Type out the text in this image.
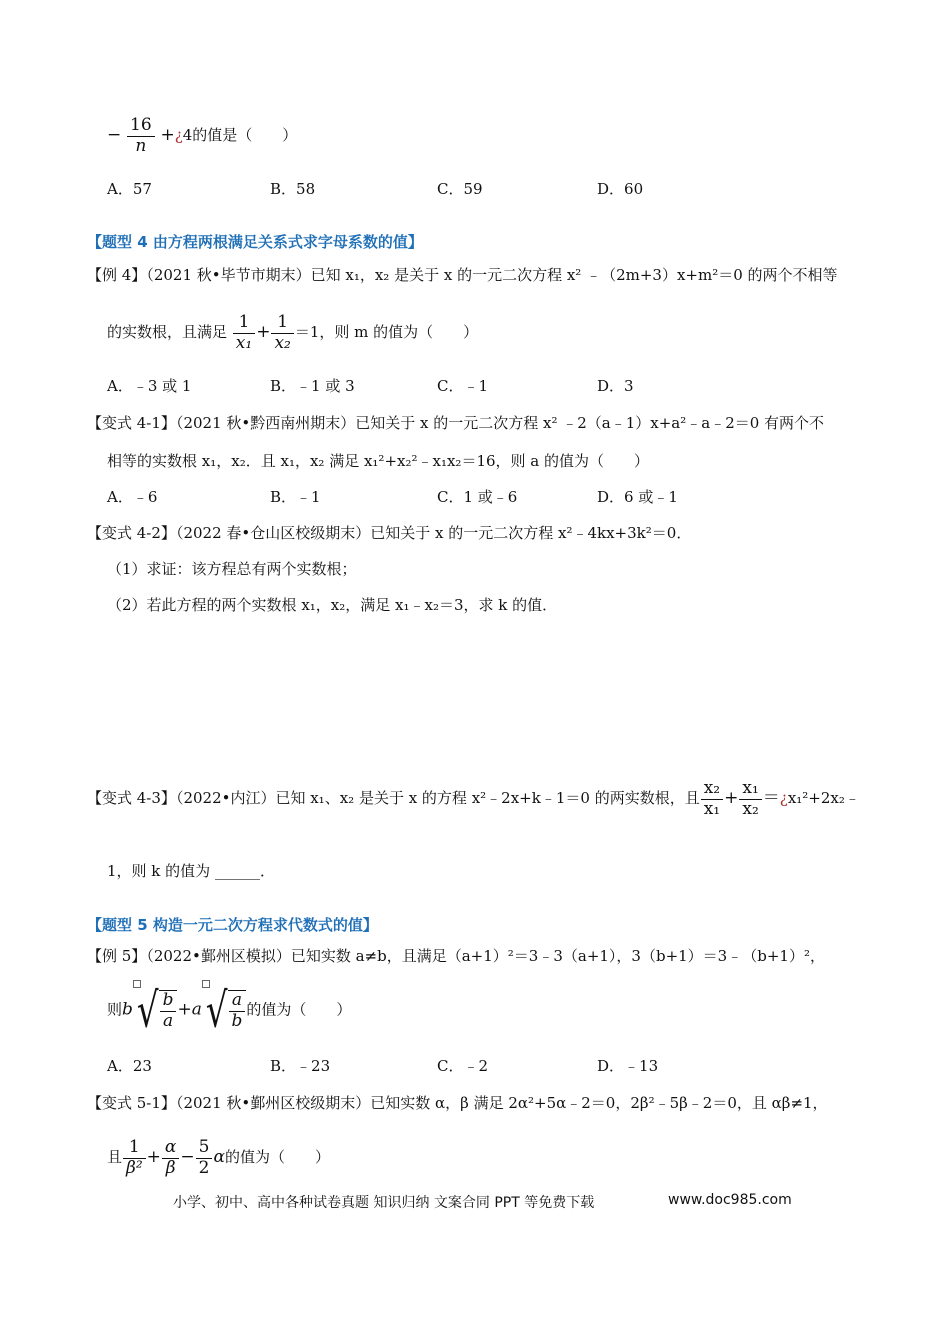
− $\frac{16}{n}$ +¿4的值是（　　）
A．57	B．58	C．59	D．60
【题型 4 由方程两根满足关系式求字母系数的值】
【例 4】（2021 秋•毕节市期末）已知 x₁，x₂ 是关于 x 的一元二次方程 x² ﹣（2m+3）x+m²＝0 的两个不相等
的实数根，且满足 $\frac{1}{\text{x₁}} + \frac{1}{\text{x₂}} =1$，则 m 的值为（　　）
A．﹣3 或 1	B．﹣1 或 3	C．﹣1	D．3
【变式 4-1】（2021 秋•黔西南州期末）已知关于 x 的一元二次方程 x² ﹣2（a﹣1）x+a²﹣a﹣2＝0 有两个不
相等的实数根 x₁，x₂．且 x₁，x₂ 满足 x₁²+x₂²﹣x₁x₂＝16，则 a 的值为（　　）
A．﹣6	B．﹣1	C．1 或﹣6	D．6 或﹣1
【变式 4-2】（2022 春•仓山区校级期末）已知关于 x 的一元二次方程 x²﹣4kx+3k²＝0．
（1）求证：该方程总有两个实数根；
（2）若此方程的两个实数根 x₁，x₂，满足 x₁﹣x₂＝3，求 k 的值．
【变式 4-3】（2022•内江）已知 x₁、x₂ 是关于 x 的方程 x²﹣2x+k﹣1＝0 的两实数根，且 $\frac{\text{x₂}}{\text{x₁}} + \frac{\text{x₁}}{\text{x₂}}$ ＝¿x₁²+2x₂﹣
1，则 k 的值为 ______．
【题型 5 构造一元二次方程求代数式的值】
【例 5】（2022•鄞州区模拟）已知实数 a≠b，且满足（a+1）²＝3﹣3（a+1），3（b+1）＝3﹣（b+1）²，
则b √ $\frac{b}{a} +a$ √ $\frac{a}{b}$ 的值为（　　）
A．23	B．﹣23	C．﹣2	D．﹣13
【变式 5-1】（2021 秋•鄞州区校级期末）已知实数 α，β 满足 2α²+5α﹣2＝0，2β²﹣5β﹣2＝0，且 αβ≠1，
且 $\frac{1}{\text{β²}} + \frac{\alpha}{\beta} - \frac{5}{2}$ α的值为（　　）
小学、初中、高中各种试卷真题 知识归纳 文案合同 PPT 等免费下载	www.doc985.com
